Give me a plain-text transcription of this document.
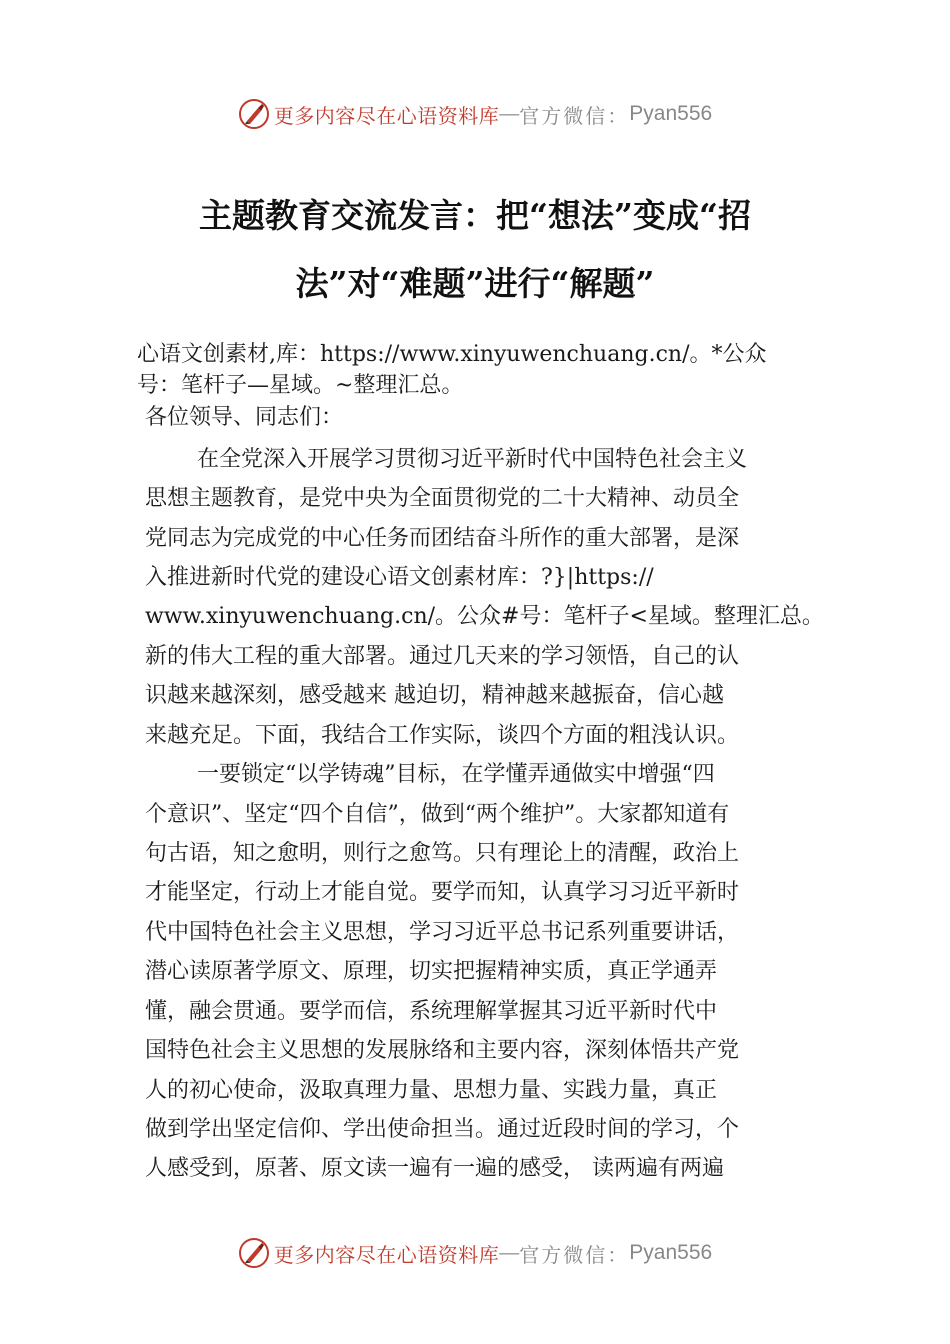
更多内容尽在心语资料库 — 官方微信： Pyan556
主题教育交流发言：把“想法”变成“招
法”对“难题”进行“解题”
心语文创素材,库：https://www.xinyuwenchuang.cn/。*公众
号：笔杆子—星域。~整理汇总。
各位领导、同志们：
在全党深入开展学习贯彻习近平新时代中国特色社会主义
思想主题教育，是党中央为全面贯彻党的二十大精神、动员全
党同志为完成党的中心任务而团结奋斗所作的重大部署，是深
入推进新时代党的建设心语文创素材库：?}|https://
www.xinyuwenchuang.cn/。公众#号：笔杆子<星域。整理汇总。
新的伟大工程的重大部署。通过几天来的学习领悟，自己的认
识越来越深刻，感受越来 越迫切，精神越来越振奋，信心越
来越充足。下面，我结合工作实际，谈四个方面的粗浅认识。
一要锁定“以学铸魂”目标，在学懂弄通做实中增强“四
个意识”、坚定“四个自信”，做到“两个维护”。大家都知道有
句古语，知之愈明，则行之愈笃。只有理论上的清醒，政治上
才能坚定，行动上才能自觉。要学而知，认真学习习近平新时
代中国特色社会主义思想，学习习近平总书记系列重要讲话，
潜心读原著学原文、原理，切实把握精神实质，真正学通弄
懂，融会贯通。要学而信，系统理解掌握其习近平新时代中
国特色社会主义思想的发展脉络和主要内容，深刻体悟共产党
人的初心使命，汲取真理力量、思想力量、实践力量，真正
做到学出坚定信仰、学出使命担当。通过近段时间的学习，个
人感受到，原著、原文读一遍有一遍的感受， 读两遍有两遍
更多内容尽在心语资料库 — 官方微信： Pyan556
